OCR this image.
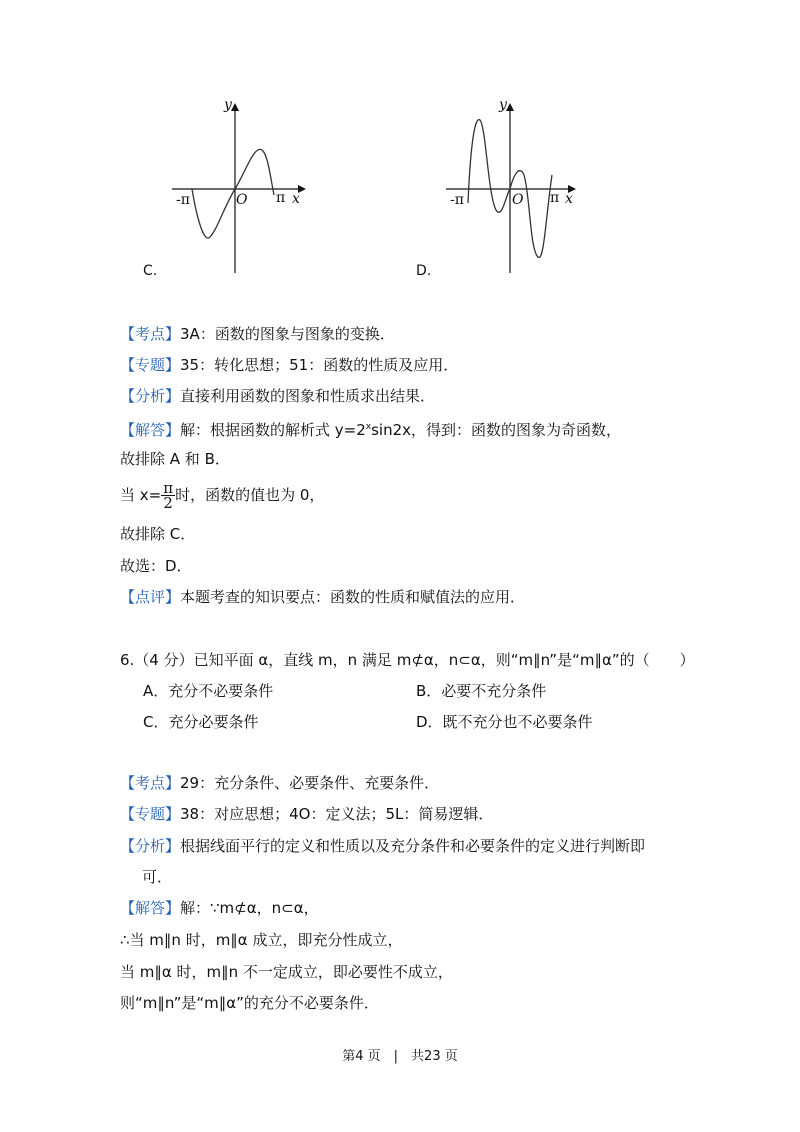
y
x
O
-π	π
C.
y
x
O
-π	π
D.
【考点】3A：函数的图象与图象的变换．
【专题】35：转化思想；51：函数的性质及应用．
【分析】直接利用函数的图象和性质求出结果．
【解答】解：根据函数的解析式 $y=2^x\sin 2x$，得到：函数的图象为奇函数，
故排除 A 和 B．
当 $x= \frac{\pi}{2}$ 时，函数的值也为 0，
故排除 C．
故选：D．
【点评】本题考查的知识要点：函数的性质和赋值法的应用．
6.（4 分）已知平面 α，直线 m，n 满足 m⊄α，n⊂α，则“m∥n”是“m∥α”的（　　）
A．充分不必要条件	B．必要不充分条件
C．充分必要条件	D．既不充分也不必要条件
【考点】29：充分条件、必要条件、充要条件．
【专题】38：对应思想；4O：定义法；5L：简易逻辑．
【分析】根据线面平行的定义和性质以及充分条件和必要条件的定义进行判断即
可．
【解答】解：∵m⊄α，n⊂α，
∴当 m∥n 时，m∥α 成立，即充分性成立，
当 m∥α 时，m∥n 不一定成立，即必要性不成立，
则“m∥n”是“m∥α”的充分不必要条件．
第4 页　|　共23 页
